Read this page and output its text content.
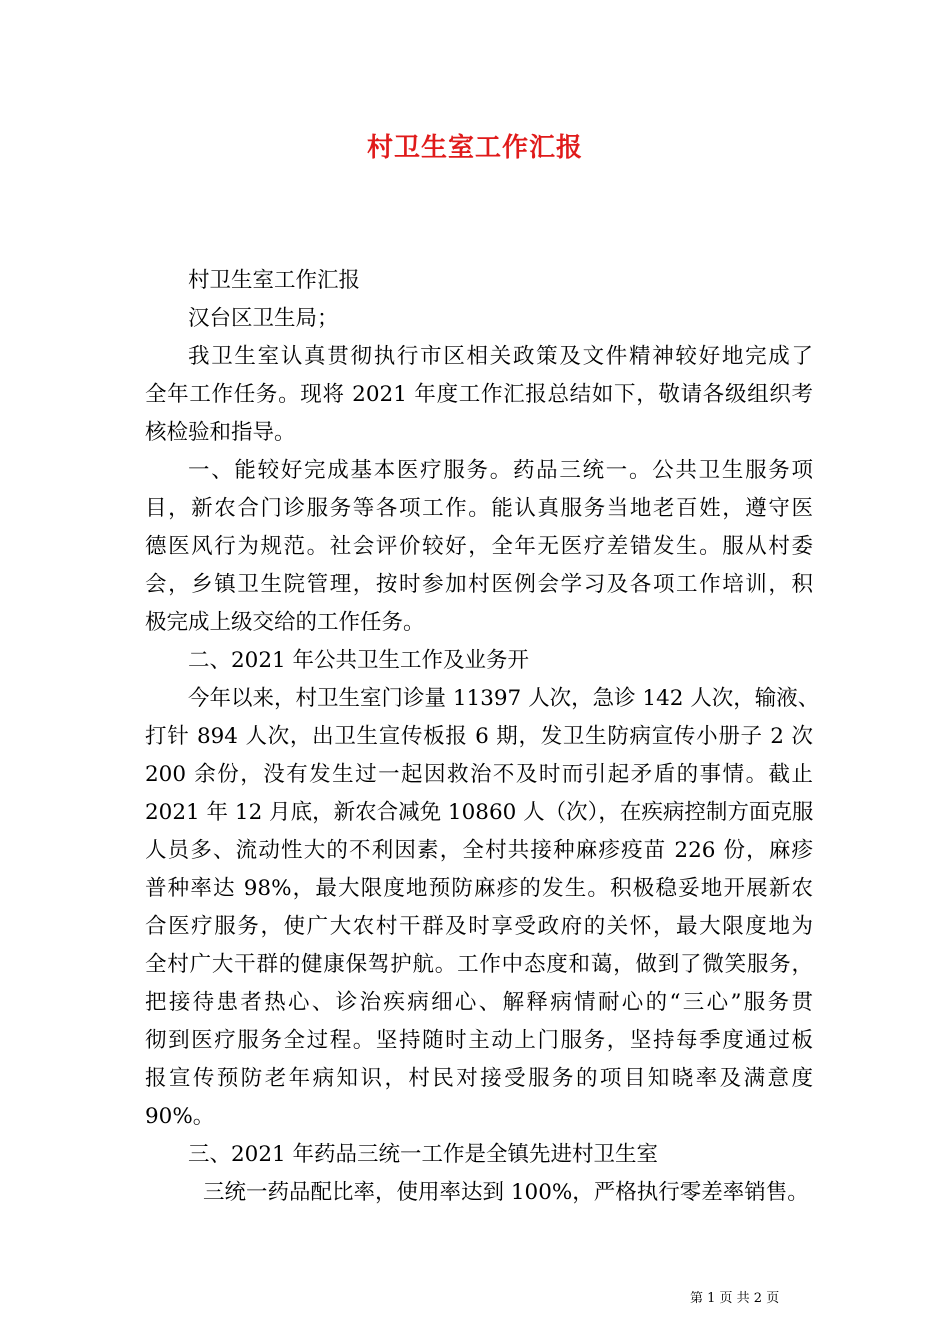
村卫生室工作汇报
村卫生室工作汇报
汉台区卫生局；
我卫生室认真贯彻执行市区相关政策及文件精神较好地完成了
全年工作任务。现将 2021 年度工作汇报总结如下，敬请各级组织考
核检验和指导。
一、能较好完成基本医疗服务。药品三统一。公共卫生服务项
目，新农合门诊服务等各项工作。能认真服务当地老百姓，遵守医
德医风行为规范。社会评价较好，全年无医疗差错发生。服从村委
会，乡镇卫生院管理，按时参加村医例会学习及各项工作培训，积
极完成上级交给的工作任务。
二、2021 年公共卫生工作及业务开
今年以来，村卫生室门诊量 11397 人次，急诊 142 人次，输液、
打针 894 人次，出卫生宣传板报 6 期，发卫生防病宣传小册子 2 次
200 余份，没有发生过一起因救治不及时而引起矛盾的事情。截止
2021 年 12 月底，新农合减免 10860 人（次），在疾病控制方面克服
人员多、流动性大的不利因素，全村共接种麻疹疫苗 226 份，麻疹
普种率达 98%，最大限度地预防麻疹的发生。积极稳妥地开展新农
合医疗服务，使广大农村干群及时享受政府的关怀，最大限度地为
全村广大干群的健康保驾护航。工作中态度和蔼，做到了微笑服务，
把接待患者热心、诊治疾病细心、解释病情耐心的“三心”服务贯
彻到医疗服务全过程。坚持随时主动上门服务，坚持每季度通过板
报宣传预防老年病知识，村民对接受服务的项目知晓率及满意度
90%。
三、2021 年药品三统一工作是全镇先进村卫生室
三统一药品配比率，使用率达到 100%，严格执行零差率销售。
第 1 页 共 2 页
